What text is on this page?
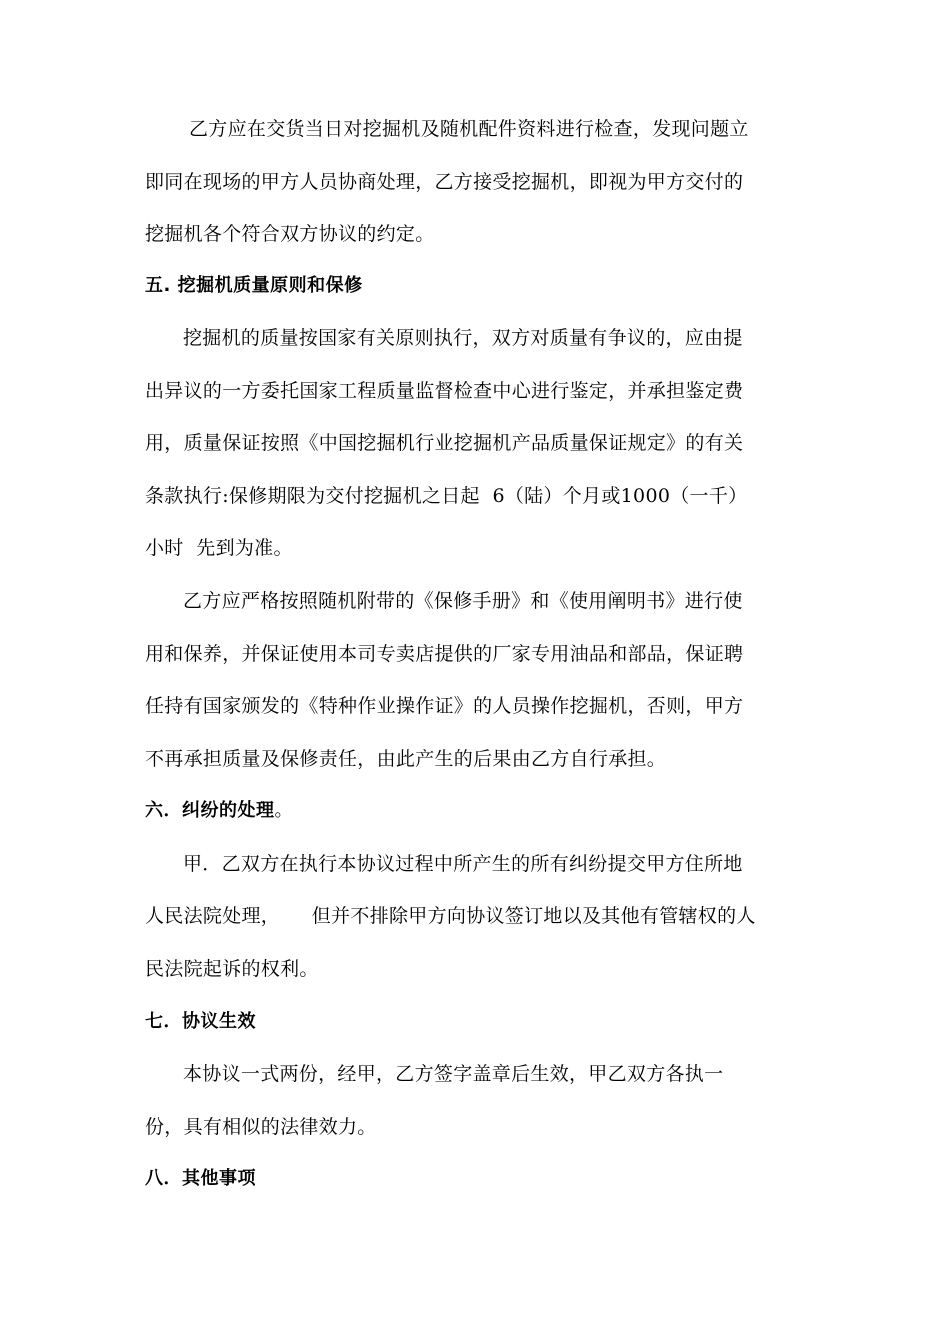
乙方应在交货当日对挖掘机及随机配件资料进行检查，发现问题立
即同在现场的甲方人员协商处理，乙方接受挖掘机，即视为甲方交付的
挖掘机各个符合双方协议的约定。
五. 挖掘机质量原则和保修
挖掘机的质量按国家有关原则执行，双方对质量有争议的，应由提
出异议的一方委托国家工程质量监督检查中心进行鉴定，并承担鉴定费
用，质量保证按照《中国挖掘机行业挖掘机产品质量保证规定》的有关
条款执行:保修期限为交付挖掘机之日起  6（陆）个月或1000（一千）
小时  先到为准。
乙方应严格按照随机附带的《保修手册》和《使用阐明书》进行使
用和保养，并保证使用本司专卖店提供的厂家专用油品和部品，保证聘
任持有国家颁发的《特种作业操作证》的人员操作挖掘机，否则，甲方
不再承担质量及保修责任，由此产生的后果由乙方自行承担。
六．纠纷的处理。
甲．乙双方在执行本协议过程中所产生的所有纠纷提交甲方住所地
人民法院处理，     但并不排除甲方向协议签订地以及其他有管辖权的人
民法院起诉的权利。
七．协议生效
本协议一式两份，经甲，乙方签字盖章后生效，甲乙双方各执一
份，具有相似的法律效力。
八．其他事项
